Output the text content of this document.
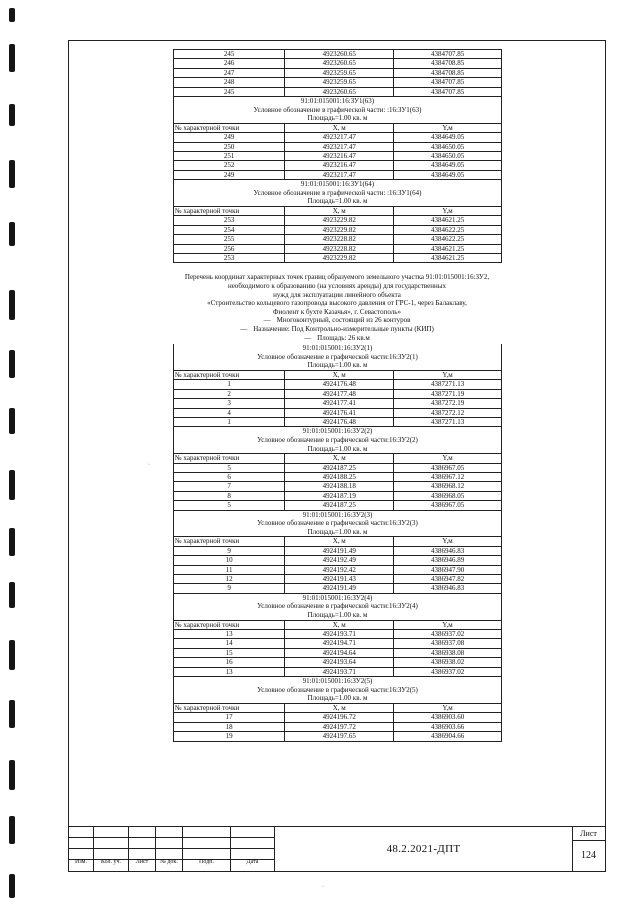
245	4923260.65	4384707.85
246	4923260.65	4384708.85
247	4923259.65	4384708.85
248	4923259.65	4384707.85
245	4923260.65	4384707.85

91:01:015001:16:ЗУ1(63)
Условное обозначение в графической части: :16:ЗУ1(63)
Площадь=1.00 кв. м		

№ характерной точки	X, м	Y,м
249	4923217.47	4384649.05
250	4923217.47	4384650.05
251	4923216.47	4384650.05
252	4923216.47	4384649.05
249	4923217.47	4384649.05

91:01:015001:16:ЗУ1(64)
Условное обозначение в графической части: :16:ЗУ1(64)
Площадь=1.00 кв. м		

№ характерной точки	X, м	Y,м
253	4923229.82	4384621.25
254	4923229.82	4384622.25
255	4923228.82	4384622.25
256	4923228.82	4384621.25
253	4923229.82	4384621.25
Перечень координат характерных точек границ образуемого земельного участка 91:01:015001:16:ЗУ2,
необходимого к образованию (на условиях аренды) для государственных
нужд для эксплуатации линейного объекта
«Строительство кольцевого газопровода высокого давления от ГРС-1, через Балаклаву,
Фиолент к бухте Казачья», г. Севастополь»
— Многоконтурный, состоящий из 26 контуров
— Назначение: Под Контрольно-измерительные пункты (КИП)
— Площадь: 26 кв.м
91:01:015001:16:ЗУ2(1)
Условное обозначение в графической части:16:ЗУ2(1)
Площадь=1.00 кв. м		

№ характерной точки	X, м	Y,м
1	4924176.48	4387271.13
2	4924177.48	4387271.19
3	4924177.41	4387272.19
4	4924176.41	4387272.12
1	4924176.48	4387271.13

91:01:015001:16:ЗУ2(2)
Условное обозначение в графической части:16:ЗУ2(2)
Площадь=1.00 кв. м		

№ характерной точки	X, м	Y,м
5	4924187.25	4386967.05
6	4924188.25	4386967.12
7	4924188.18	4386968.12
8	4924187.19	4386968.05
5	4924187.25	4386967.05

91:01:015001:16:ЗУ2(3)
Условное обозначение в графической части:16:ЗУ2(3)
Площадь=1.00 кв. м		

№ характерной точки	X, м	Y,м
9	4924191.49	4386946.83
10	4924192.49	4386946.89
11	4924192.42	4386947.90
12	4924191.43	4386947.82
9	4924191.49	4386946.83

91:01:015001:16:ЗУ2(4)
Условное обозначение в графической части:16:ЗУ2(4)
Площадь=1.00 кв. м		

№ характерной точки	X, м	Y,м
13	4924193.71	4386937.02
14	4924194.71	4386937.08
15	4924194.64	4386938.08
16	4924193.64	4386938.02
13	4924193.71	4386937.02

91:01:015001:16:ЗУ2(5)
Условное обозначение в графической части:16:ЗУ2(5)
Площадь=1.00 кв. м		

№ характерной точки	X, м	Y,м
17	4924196.72	4386903.60
18	4924197.72	4386903.66
19	4924197.65	4386904.66
Изм.	Кол. уч.	Лист	№ док.	Подп.	Дата
48.2.2021-ДПТ
Лист
124
·
·
·
